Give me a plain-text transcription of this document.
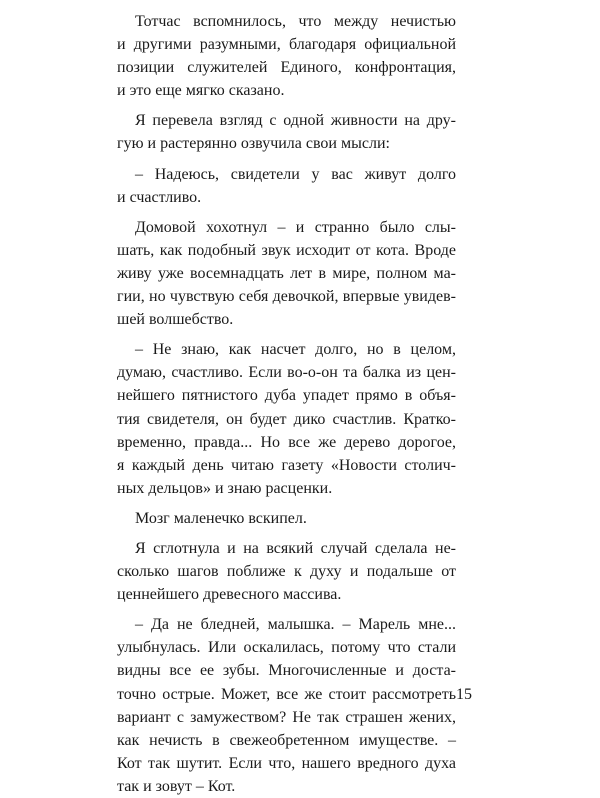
Тотчас вспомнилось, что между нечистью
и другими разумными, благодаря официальной
позиции служителей Единого, конфронтация,
и это еще мягко сказано.
Я перевела взгляд с одной живности на дру-
гую и растерянно озвучила свои мысли:
– Надеюсь, свидетели у вас живут долго
и счастливо.
Домовой хохотнул – и странно было слы-
шать, как подобный звук исходит от кота. Вроде
живу уже восемнадцать лет в мире, полном ма-
гии, но чувствую себя девочкой, впервые увидев-
шей волшебство.
– Не знаю, как насчет долго, но в целом,
думаю, счастливо. Если во-о-он та балка из цен-
нейшего пятнистого дуба упадет прямо в объя-
тия свидетеля, он будет дико счастлив. Кратко-
временно, правда... Но все же дерево дорогое,
я каждый день читаю газету «Новости столич-
ных дельцов» и знаю расценки.
Мозг маленечко вскипел.
Я сглотнула и на всякий случай сделала не-
сколько шагов поближе к духу и подальше от
ценнейшего древесного массива.
– Да не бледней, малышка. – Марель мне...
улыбнулась. Или оскалилась, потому что стали
видны все ее зубы. Многочисленные и доста-
точно острые. Может, все же стоит рассмотреть
вариант с замужеством? Не так страшен жених,
как нечисть в свежеобретенном имуществе. –
Кот так шутит. Если что, нашего вредного духа
так и зовут – Кот.
15
